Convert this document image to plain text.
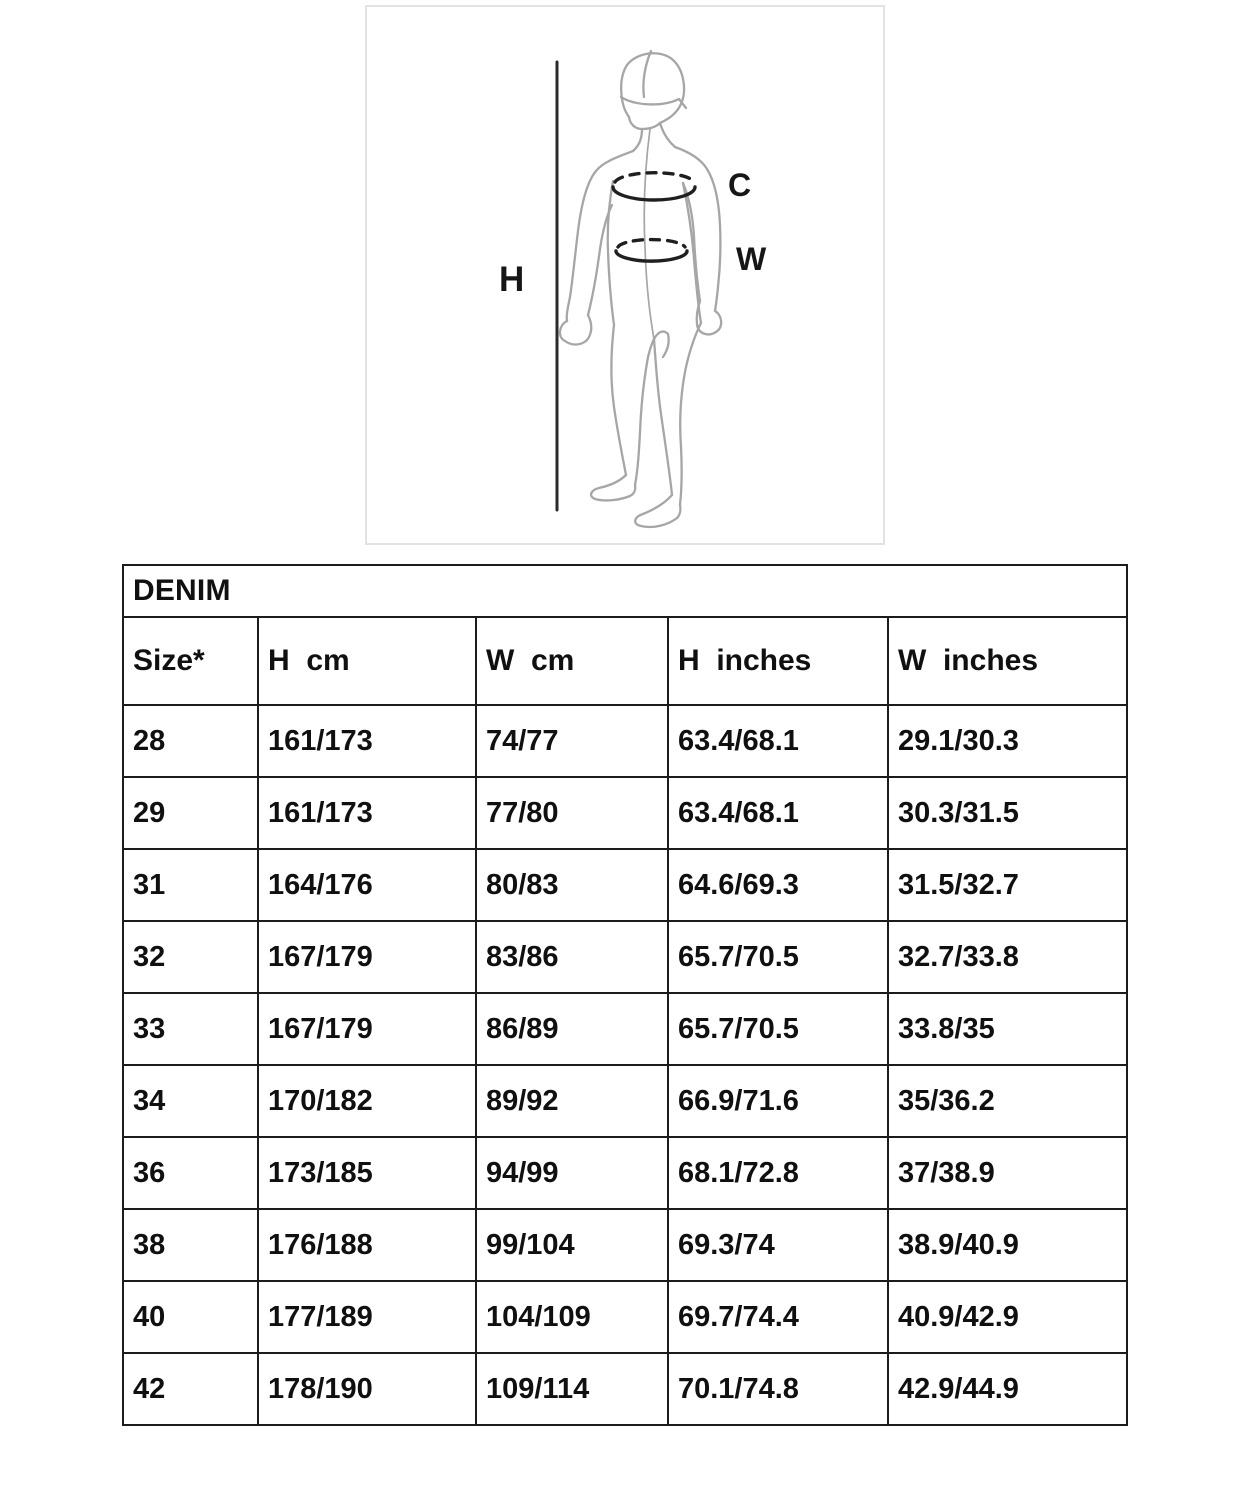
H
C
W
DENIM				
Size*	H  cm	W  cm	H  inches	W  inches
28	161/173	74/77	63.4/68.1	29.1/30.3
29	161/173	77/80	63.4/68.1	30.3/31.5
31	164/176	80/83	64.6/69.3	31.5/32.7
32	167/179	83/86	65.7/70.5	32.7/33.8
33	167/179	86/89	65.7/70.5	33.8/35
34	170/182	89/92	66.9/71.6	35/36.2
36	173/185	94/99	68.1/72.8	37/38.9
38	176/188	99/104	69.3/74	38.9/40.9
40	177/189	104/109	69.7/74.4	40.9/42.9
42	178/190	109/114	70.1/74.8	42.9/44.9
